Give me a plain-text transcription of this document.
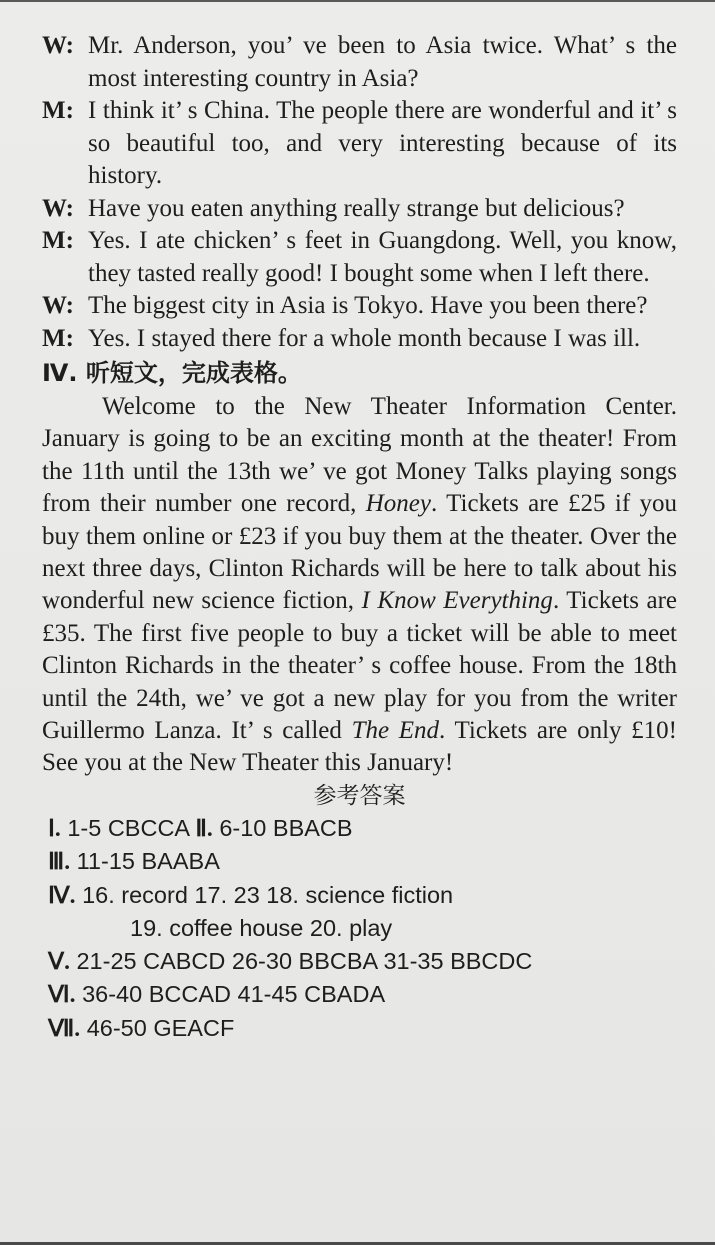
W: Mr. Anderson, you’ ve been to Asia twice. What’ s the most interesting country in Asia?
M: I think it’ s China. The people there are wonderful and it’ s so beautiful too, and very interesting because of its history.
W: Have you eaten anything really strange but delicious?
M: Yes. I ate chicken’ s feet in Guangdong. Well, you know, they tasted really good! I bought some when I left there.
W: The biggest city in Asia is Tokyo. Have you been there?
M: Yes. I stayed there for a whole month because I was ill.
Ⅳ. 听短文，完成表格。
Welcome to the New Theater Information Center. January is going to be an exciting month at the theater! From the 11th until the 13th we’ ve got Money Talks playing songs from their number one record, Honey. Tickets are £25 if you buy them online or £23 if you buy them at the theater. Over the next three days, Clinton Richards will be here to talk about his wonderful new science fiction, I Know Everything. Tickets are £35. The first five people to buy a ticket will be able to meet Clinton Richards in the theater’ s coffee house. From the 18th until the 24th, we’ ve got a new play for you from the writer Guillermo Lanza. It’ s called The End. Tickets are only £10! See you at the New Theater this January!
参考答案
Ⅰ. 1-5 CBCCA Ⅱ. 6-10 BBACB
Ⅲ. 11-15 BAABA
Ⅳ. 16. record 17. 23 18. science fiction
19. coffee house 20. play
Ⅴ. 21-25 CABCD 26-30 BBCBA 31-35 BBCDC
Ⅵ. 36-40 BCCAD 41-45 CBADA
Ⅶ. 46-50 GEACF
